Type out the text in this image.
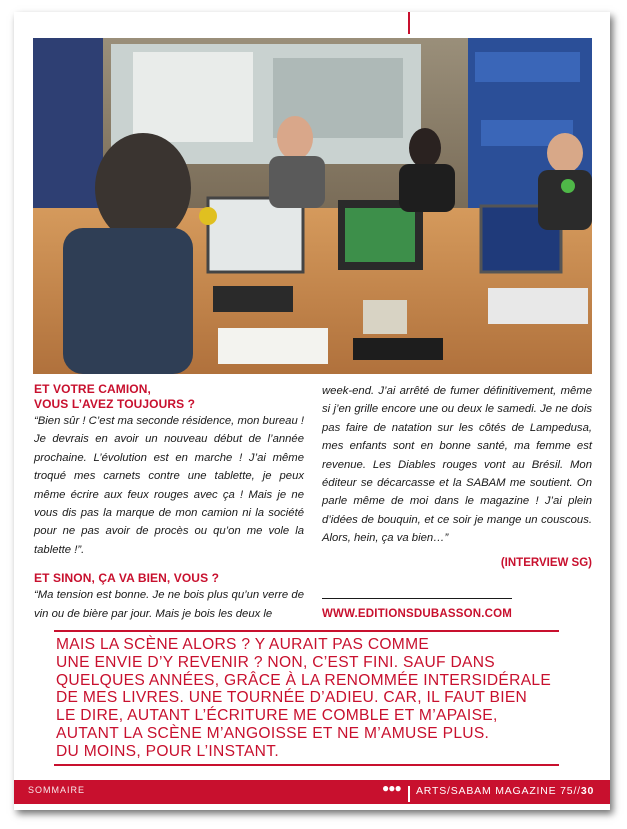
ET VOTRE CAMION,
VOUS L’AVEZ TOUJOURS ?
“Bien sûr ! C’est ma seconde résidence, mon bureau ! Je devrais en avoir un nouveau début de l’année prochaine. L’évolution est en marche ! J’ai même troqué mes carnets contre une tablette, je peux même écrire aux feux rouges avec ça ! Mais je ne vous dis pas la marque de mon camion ni la société pour ne pas avoir de procès ou qu’on me vole la tablette !”.
ET SINON, ÇA VA BIEN, VOUS ?
“Ma tension est bonne. Je ne bois plus qu’un verre de vin ou de bière par jour. Mais je bois les deux le
week-end. J’ai arrêté de fumer définitivement, même si j’en grille encore une ou deux le samedi. Je ne dois pas faire de natation sur les côtés de Lampedusa, mes enfants sont en bonne santé, ma femme est revenue. Les Diables rouges vont au Brésil. Mon éditeur se décarcasse et la SABAM me soutient. On parle même de moi dans le magazine ! J’ai plein d’idées de bouquin, et ce soir je mange un couscous. Alors, hein, ça va bien…”
(INTERVIEW SG)
WWW.EDITIONSDUBASSON.COM
MAIS LA SCÈNE ALORS ? Y AURAIT PAS COMME
UNE ENVIE D’Y REVENIR ? NON, C’EST FINI. SAUF DANS
QUELQUES ANNÉES, GRÂCE À LA RENOMMÉE INTERSIDÉRALE
DE MES LIVRES. UNE TOURNÉE D’ADIEU. CAR, IL FAUT BIEN
LE DIRE, AUTANT L’ÉCRITURE ME COMBLE ET M’APAISE,
AUTANT LA SCÈNE M’ANGOISSE ET NE M’AMUSE PLUS.
DU MOINS, POUR L’INSTANT.
SOMMAIRE	●●● ARTS/SABAM MAGAZINE 75//30
